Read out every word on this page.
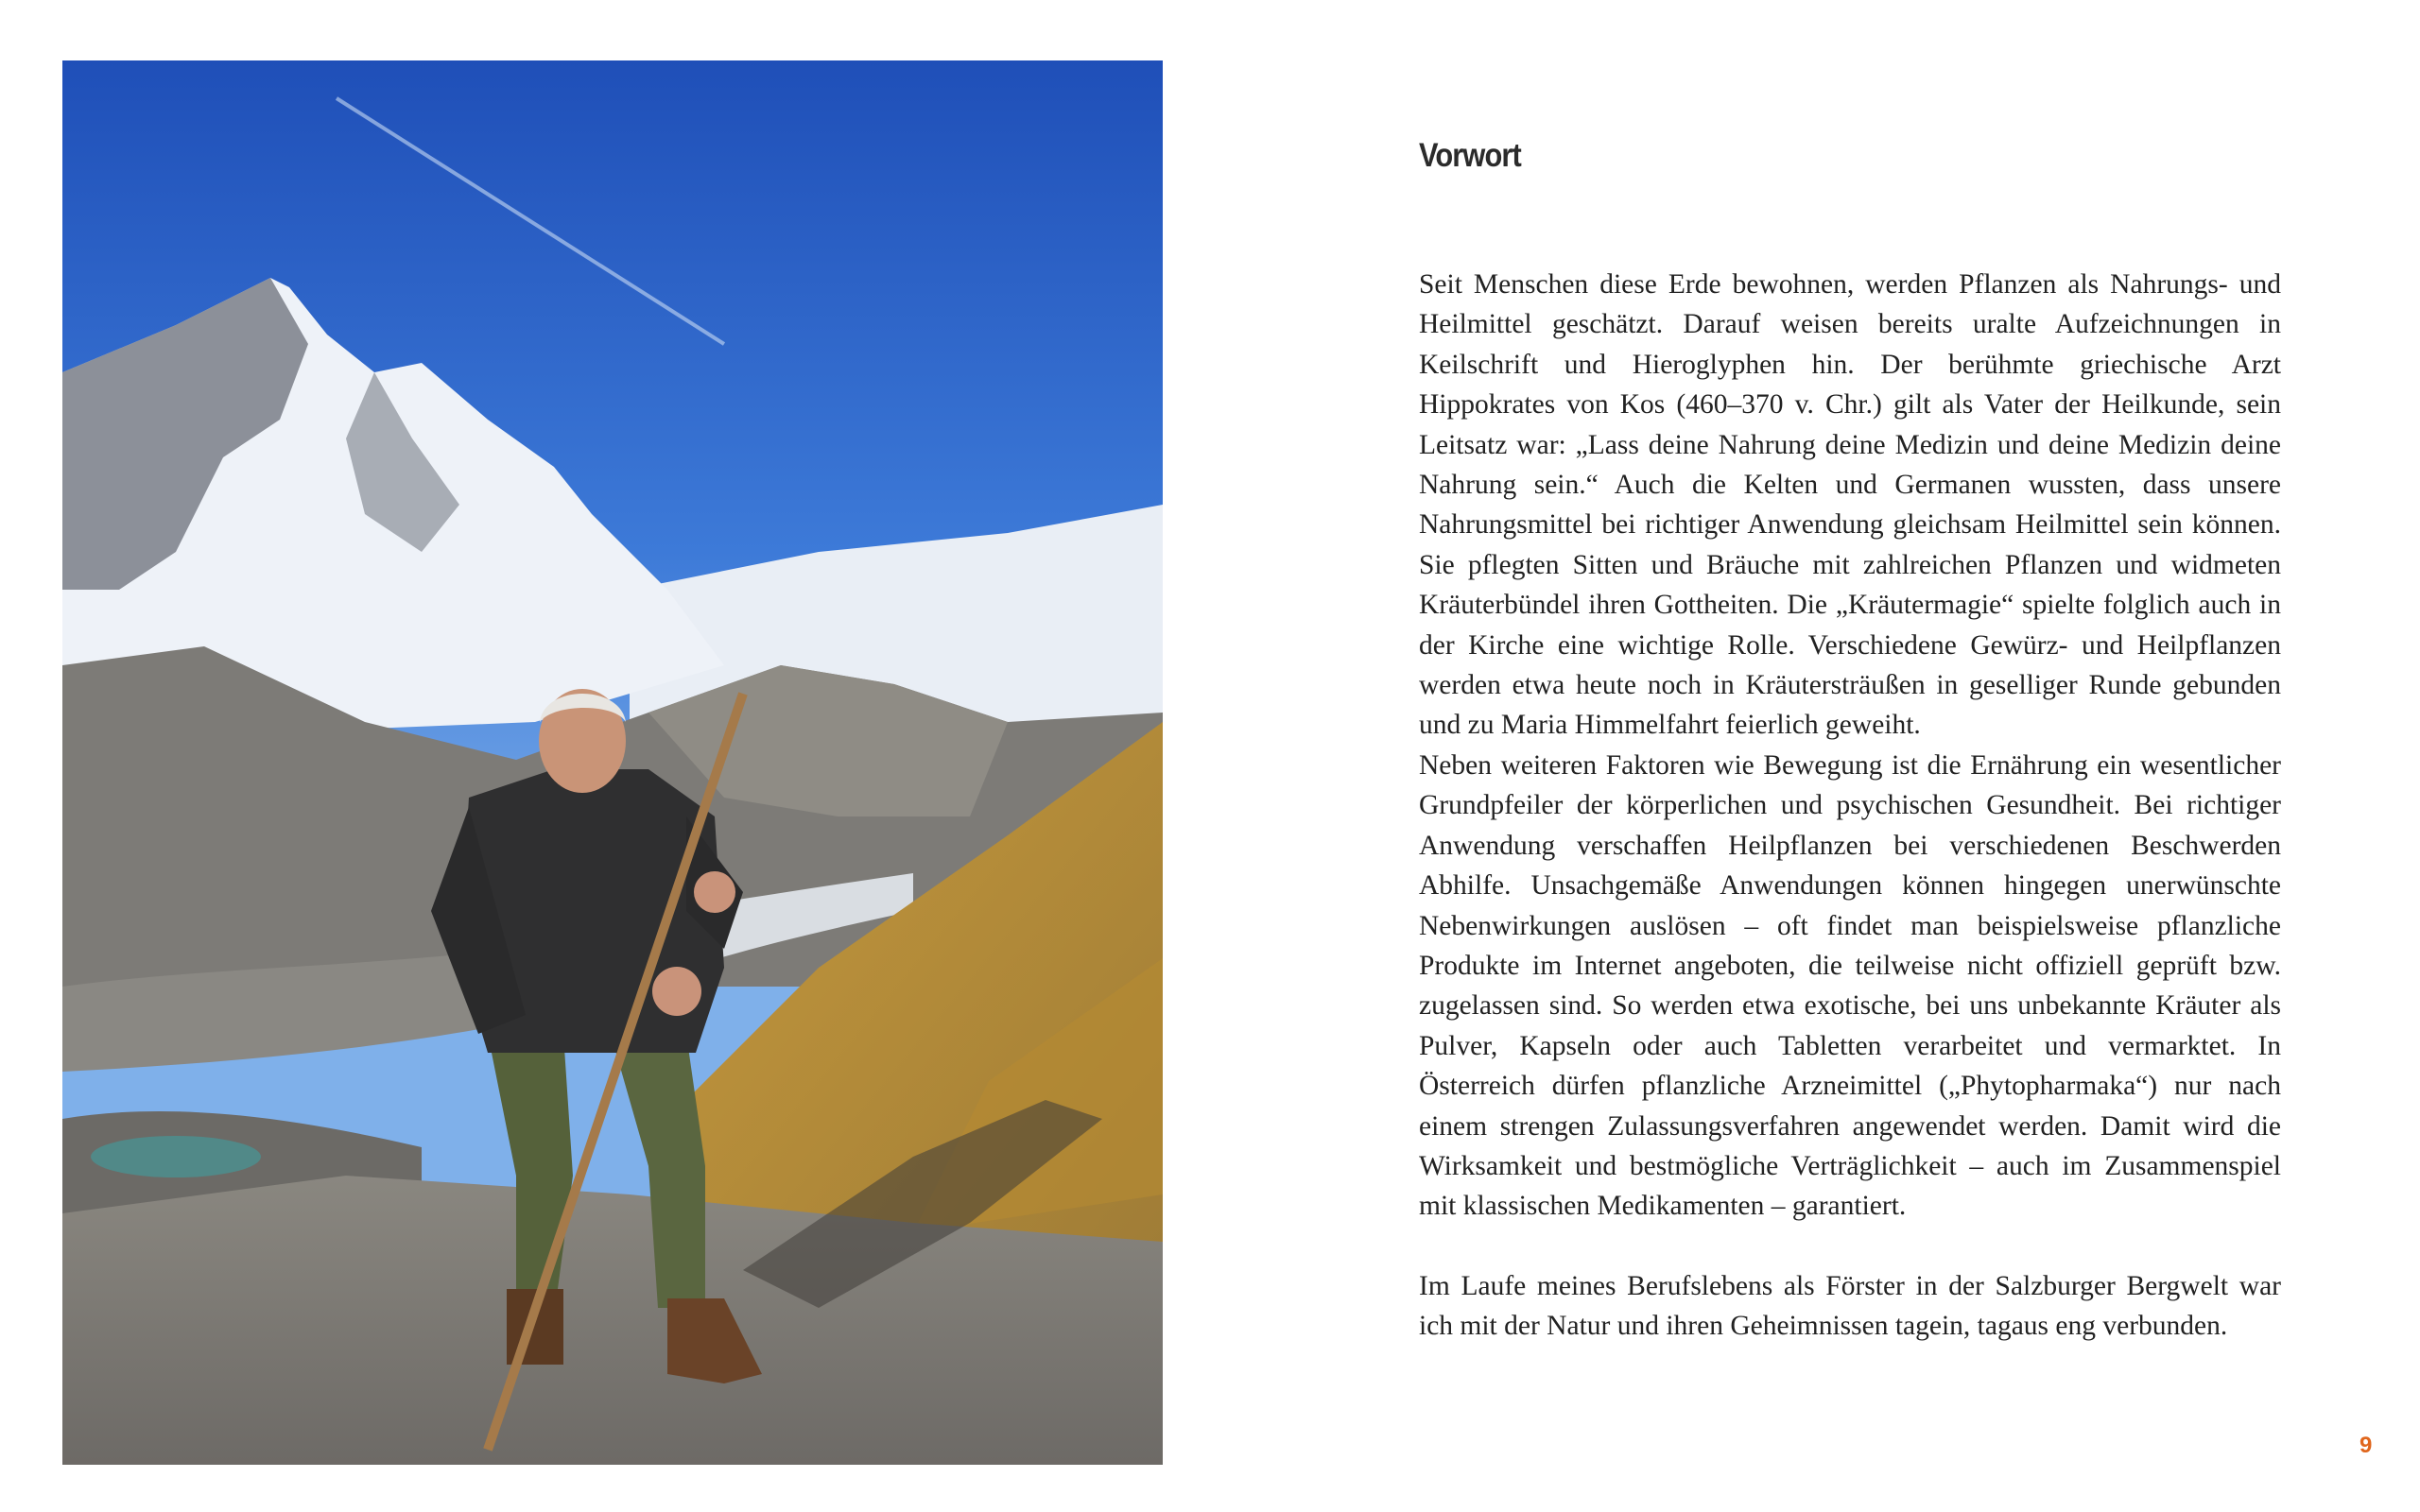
Vorwort

Seit Menschen diese Erde bewohnen, werden Pflanzen als Nahrungs- und Heilmittel geschätzt. Darauf weisen bereits uralte Aufzeichnungen in Keilschrift und Hieroglyphen hin. Der berühmte griechische Arzt Hippokrates von Kos (460–370 v. Chr.) gilt als Vater der Heilkunde, sein Leitsatz war: „Lass deine Nahrung deine Medizin und deine Medizin deine Nahrung sein.“ Auch die Kelten und Germanen wussten, dass unsere Nahrungsmittel bei richtiger Anwendung gleichsam Heilmittel sein können. Sie pflegten Sitten und Bräuche mit zahlreichen Pflanzen und widmeten Kräuterbündel ihren Gottheiten. Die „Kräutermagie“ spielte folglich auch in der Kirche eine wichtige Rolle. Verschiedene Gewürz- und Heilpflanzen werden etwa heute noch in Kräutersträußen in geselliger Runde gebunden und zu Maria Himmelfahrt feierlich geweiht.

Neben weiteren Faktoren wie Bewegung ist die Ernährung ein wesentlicher Grundpfeiler der körperlichen und psychischen Gesundheit. Bei richtiger Anwendung verschaffen Heilpflanzen bei verschiedenen Beschwerden Abhilfe. Unsachgemäße Anwendungen können hingegen unerwünschte Nebenwirkungen auslösen – oft findet man beispielsweise pflanzliche Produkte im Internet angeboten, die teilweise nicht offiziell geprüft bzw. zugelassen sind. So werden etwa exotische, bei uns unbekannte Kräuter als Pulver, Kapseln oder auch Tabletten verarbeitet und vermarktet. In Österreich dürfen pflanzliche Arzneimittel („Phytopharmaka“) nur nach einem strengen Zulassungsverfahren angewendet werden. Damit wird die Wirksamkeit und bestmögliche Verträglichkeit – auch im Zusammenspiel mit klassischen Medikamenten – garantiert.

Im Laufe meines Berufslebens als Förster in der Salzburger Bergwelt war ich mit der Natur und ihren Geheimnissen tagein, tagaus eng verbunden.

9
